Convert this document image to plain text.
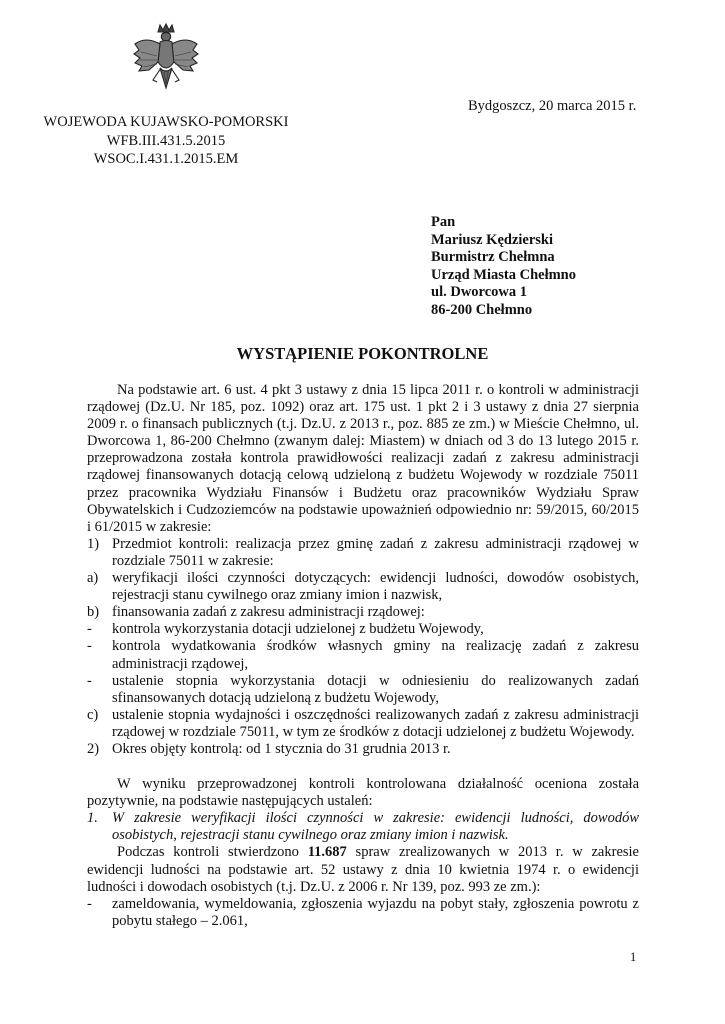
Bydgoszcz, 20 marca 2015 r.
WOJEWODA KUJAWSKO-POMORSKI
WFB.III.431.5.2015
WSOC.I.431.1.2015.EM
Pan
Mariusz Kędzierski
Burmistrz Chełmna
Urząd Miasta Chełmno
ul. Dworcowa 1
86-200 Chełmno
WYSTĄPIENIE POKONTROLNE

Na podstawie art. 6 ust. 4 pkt 3 ustawy z dnia 15 lipca 2011 r. o kontroli w administracji rządowej (Dz.U. Nr 185, poz. 1092) oraz art. 175 ust. 1 pkt 2 i 3 ustawy z dnia 27 sierpnia 2009 r. o finansach publicznych (t.j. Dz.U. z 2013 r., poz. 885 ze zm.) w Mieście Chełmno, ul. Dworcowa 1, 86-200 Chełmno (zwanym dalej: Miastem) w dniach od 3 do 13 lutego 2015 r. przeprowadzona została kontrola prawidłowości realizacji zadań z zakresu administracji rządowej finansowanych dotacją celową udzieloną z budżetu Wojewody w rozdziale 75011 przez pracownika Wydziału Finansów i Budżetu oraz pracowników Wydziału Spraw Obywatelskich i Cudzoziemców na podstawie upoważnień odpowiednio nr: 59/2015, 60/2015 i 61/2015 w zakresie:

1) Przedmiot kontroli: realizacja przez gminę zadań z zakresu administracji rządowej w rozdziale 75011 w zakresie:
a) weryfikacji ilości czynności dotyczących: ewidencji ludności, dowodów osobistych, rejestracji stanu cywilnego oraz zmiany imion i nazwisk,
b) finansowania zadań z zakresu administracji rządowej:
-	kontrola wykorzystania dotacji udzielonej z budżetu Wojewody,
-	kontrola wydatkowania środków własnych gminy na realizację zadań z zakresu administracji rządowej,
-	ustalenie stopnia wykorzystania dotacji w odniesieniu do realizowanych zadań sfinansowanych dotacją udzieloną z budżetu Wojewody,
c) ustalenie stopnia wydajności i oszczędności realizowanych zadań z zakresu administracji rządowej w rozdziale 75011, w tym ze środków z dotacji udzielonej z budżetu Wojewody.
2) Okres objęty kontrolą: od 1 stycznia do 31 grudnia 2013 r.

W wyniku przeprowadzonej kontroli kontrolowana działalność oceniona została pozytywnie, na podstawie następujących ustaleń:

1. W zakresie weryfikacji ilości czynności w zakresie: ewidencji ludności, dowodów osobistych, rejestracji stanu cywilnego oraz zmiany imion i nazwisk.

Podczas kontroli stwierdzono 11.687 spraw zrealizowanych w 2013 r. w zakresie ewidencji ludności na podstawie art. 52 ustawy z dnia 10 kwietnia 1974 r. o ewidencji ludności i dowodach osobistych (t.j. Dz.U. z 2006 r. Nr 139, poz. 993 ze zm.):

-	zameldowania, wymeldowania, zgłoszenia wyjazdu na pobyt stały, zgłoszenia powrotu z pobytu stałego – 2.061,
1
